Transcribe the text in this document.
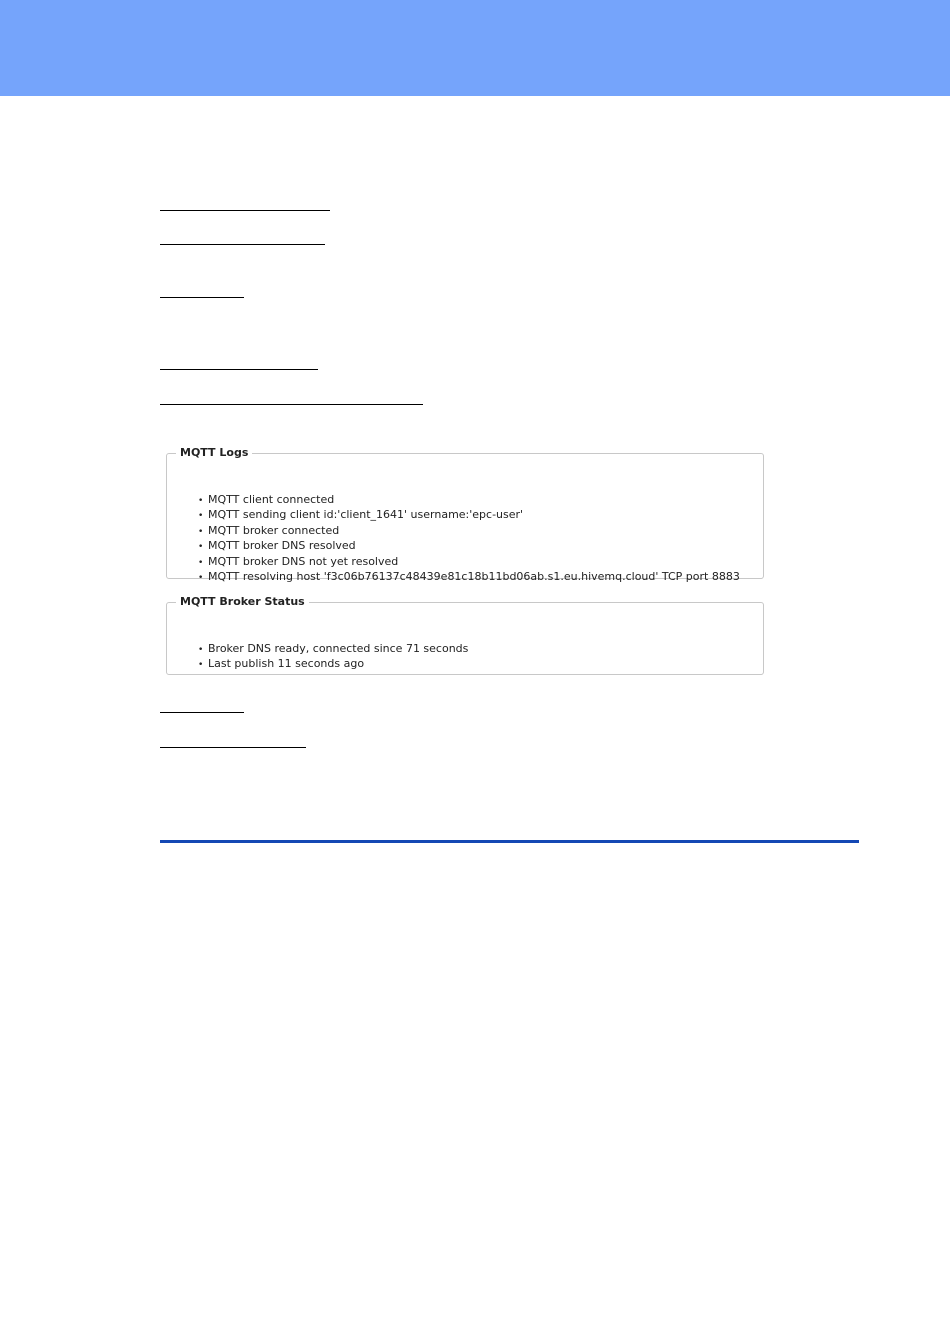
MQTT Logs
• MQTT client connected
• MQTT sending client id:'client_1641' username:'epc-user'
• MQTT broker connected
• MQTT broker DNS resolved
• MQTT broker DNS not yet resolved
• MQTT resolving host 'f3c06b76137c48439e81c18b11bd06ab.s1.eu.hivemq.cloud' TCP port 8883
MQTT Broker Status
• Broker DNS ready, connected since 71 seconds
• Last publish 11 seconds ago
